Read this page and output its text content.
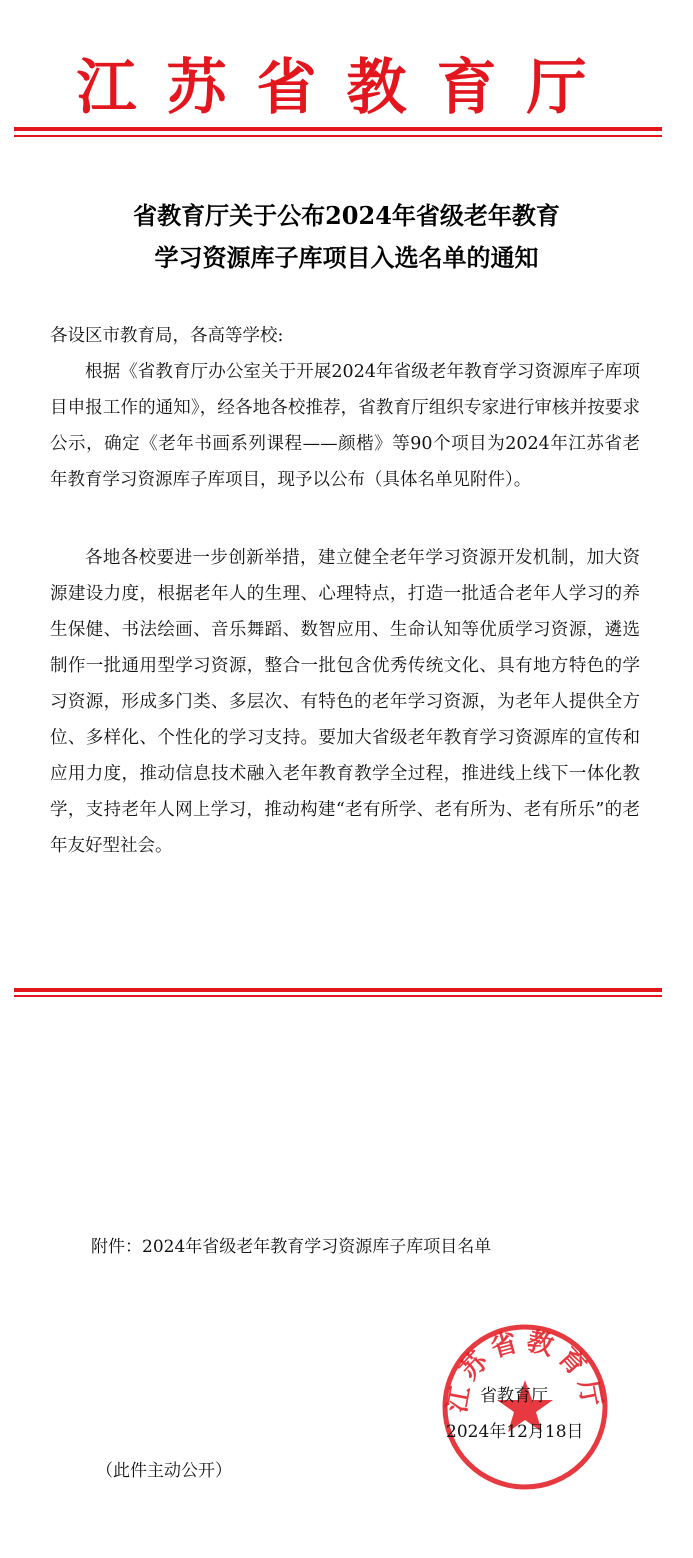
江苏省教育厅
省教育厅关于公布2024年省级老年教育
学习资源库子库项目入选名单的通知
各设区市教育局，各高等学校:
根据《省教育厅办公室关于开展2024年省级老年教育学习资源库子库项目申报工作的通知》，经各地各校推荐，省教育厅组织专家进行审核并按要求公示，确定《老年书画系列课程——颜楷》等90个项目为2024年江苏省老年教育学习资源库子库项目，现予以公布（具体名单见附件）。
各地各校要进一步创新举措，建立健全老年学习资源开发机制，加大资源建设力度，根据老年人的生理、心理特点，打造一批适合老年人学习的养生保健、书法绘画、音乐舞蹈、数智应用、生命认知等优质学习资源，遴选制作一批通用型学习资源，整合一批包含优秀传统文化、具有地方特色的学习资源，形成多门类、多层次、有特色的老年学习资源，为老年人提供全方位、多样化、个性化的学习支持。要加大省级老年教育学习资源库的宣传和应用力度，推动信息技术融入老年教育教学全过程，推进线上线下一体化教学，支持老年人网上学习，推动构建“老有所学、老有所为、老有所乐”的老年友好型社会。
附件：2024年省级老年教育学习资源库子库项目名单
江苏省教育厅
省教育厅
2024年12月18日
（此件主动公开）
